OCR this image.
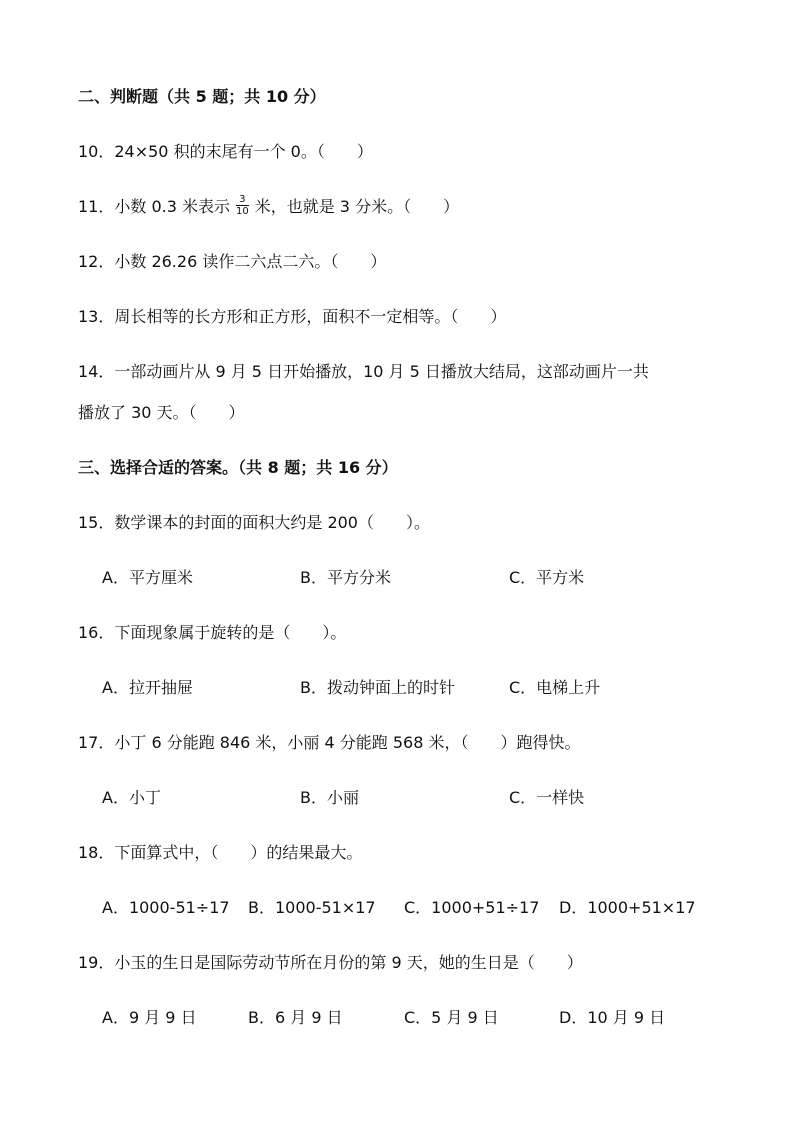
二、判断题（共 5 题；共 10 分）
10．24×50 积的末尾有一个 0。（　　）
11．小数 0.3 米表示 $\frac{3}{10}$ 米，也就是 3 分米。（　　）
12．小数 26.26 读作二六点二六。（　　）
13．周长相等的长方形和正方形，面积不一定相等。（　　）
14．一部动画片从 9 月 5 日开始播放，10 月 5 日播放大结局，这部动画片一共
播放了 30 天。（　　）
三、选择合适的答案。（共 8 题；共 16 分）
15．数学课本的封面的面积大约是 200（　　）。
A．平方厘米	B．平方分米	C．平方米
16．下面现象属于旋转的是（　　）。
A．拉开抽屉	B．拨动钟面上的时针	C．电梯上升
17．小丁 6 分能跑 846 米，小丽 4 分能跑 568 米，（　　）跑得快。
A．小丁	B．小丽	C．一样快
18．下面算式中，（　　）的结果最大。
A．1000-51÷17 B．1000-51×17 C．1000+51÷17 D．1000+51×17
19．小玉的生日是国际劳动节所在月份的第 9 天，她的生日是（　　）
A．9 月 9 日	B．6 月 9 日	C．5 月 9 日	D．10 月 9 日
